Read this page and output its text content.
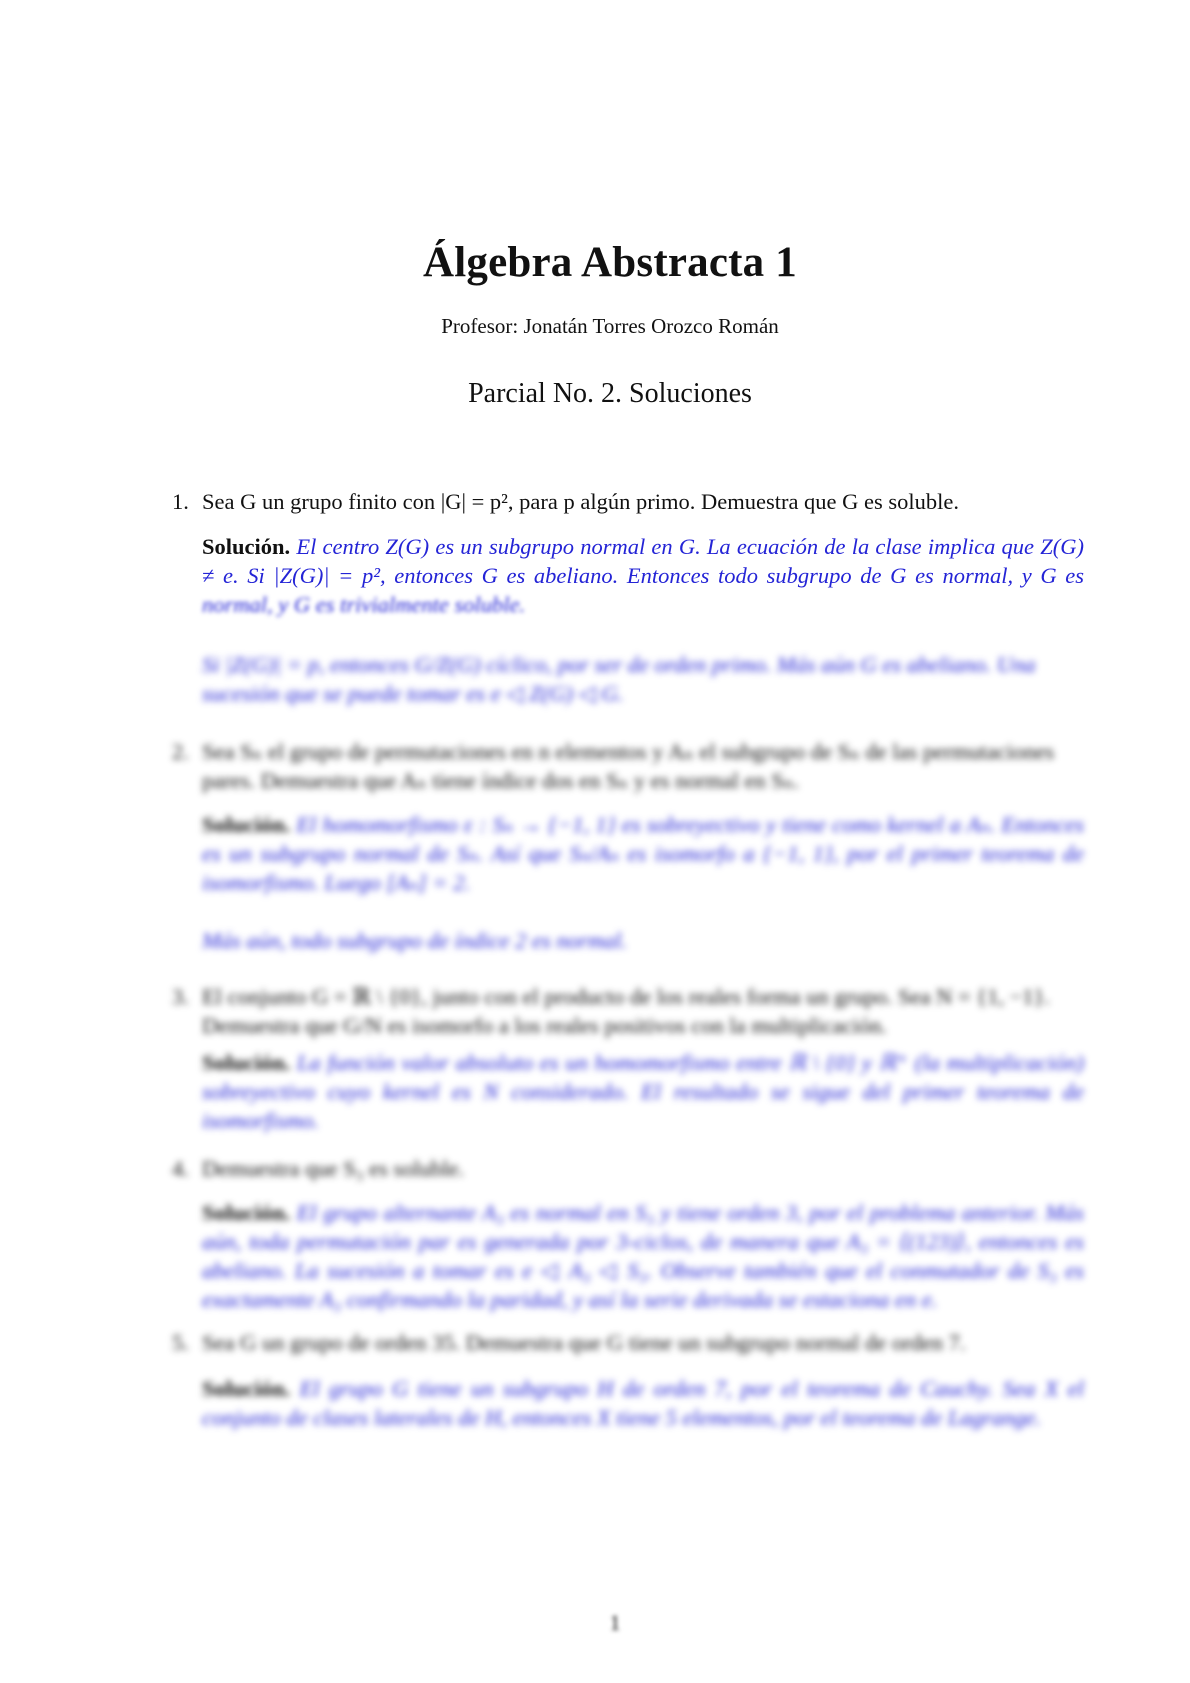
Álgebra Abstracta 1
Profesor: Jonatán Torres Orozco Román
Parcial No. 2. Soluciones
1. Sea G un grupo finito con |G| = p², para p algún primo. Demuestra que G es soluble.
Solución. El centro Z(G) es un subgrupo normal en G. La ecuación de la clase implica que Z(G) ≠ e. Si |Z(G)| = p², entonces G es abeliano. Entonces todo subgrupo de G es normal, y G es
normal, y G es trivialmente soluble.
Si |Z(G)| = p, entonces G/Z(G) cíclico, por ser de orden primo. Más aún G es abeliano. Una sucesión que se puede tomar es e ◁ Z(G) ◁ G.
2. Sea Sₙ el grupo de permutaciones en n elementos y Aₙ el subgrupo de Sₙ de las permutaciones pares. Demuestra que Aₙ tiene índice dos en Sₙ y es normal en Sₙ.
Solución. El homomorfismo ε : Sₙ → {−1, 1} es sobreyectivo y tiene como kernel a Aₙ. Entonces es un subgrupo normal de Sₙ. Así que Sₙ/Aₙ es isomorfo a {−1, 1}, por el primer teorema de isomorfismo. Luego [Aₙ] = 2.
Más aún, todo subgrupo de índice 2 es normal.
3. El conjunto G = ℝ \ {0}, junto con el producto de los reales forma un grupo. Sea N = {1, −1}. Demuestra que G/N es isomorfo a los reales positivos con la multiplicación.
Solución. La función valor absoluto es un homomorfismo entre ℝ \ {0} y ℝ⁺ (la multiplicación) sobreyectivo cuyo kernel es N considerado. El resultado se sigue del primer teorema de isomorfismo.
4. Demuestra que S₃ es soluble.
Solución. El grupo alternante A₃ es normal en S₃ y tiene orden 3, por el problema anterior. Más aún, toda permutación par es generada por 3-ciclos, de manera que A₃ = ⟨(123)⟩, entonces es abeliano. La sucesión a tomar es e ◁ A₃ ◁ S₃. Observe también que el conmutador de S₃ es exactamente A₃ confirmando la paridad, y así la serie derivada se estaciona en e.
5. Sea G un grupo de orden 35. Demuestra que G tiene un subgrupo normal de orden 7.
Solución. El grupo G tiene un subgrupo H de orden 7, por el teorema de Cauchy. Sea X el conjunto de clases laterales de H, entonces X tiene 5 elementos, por el teorema de Lagrange.
1
